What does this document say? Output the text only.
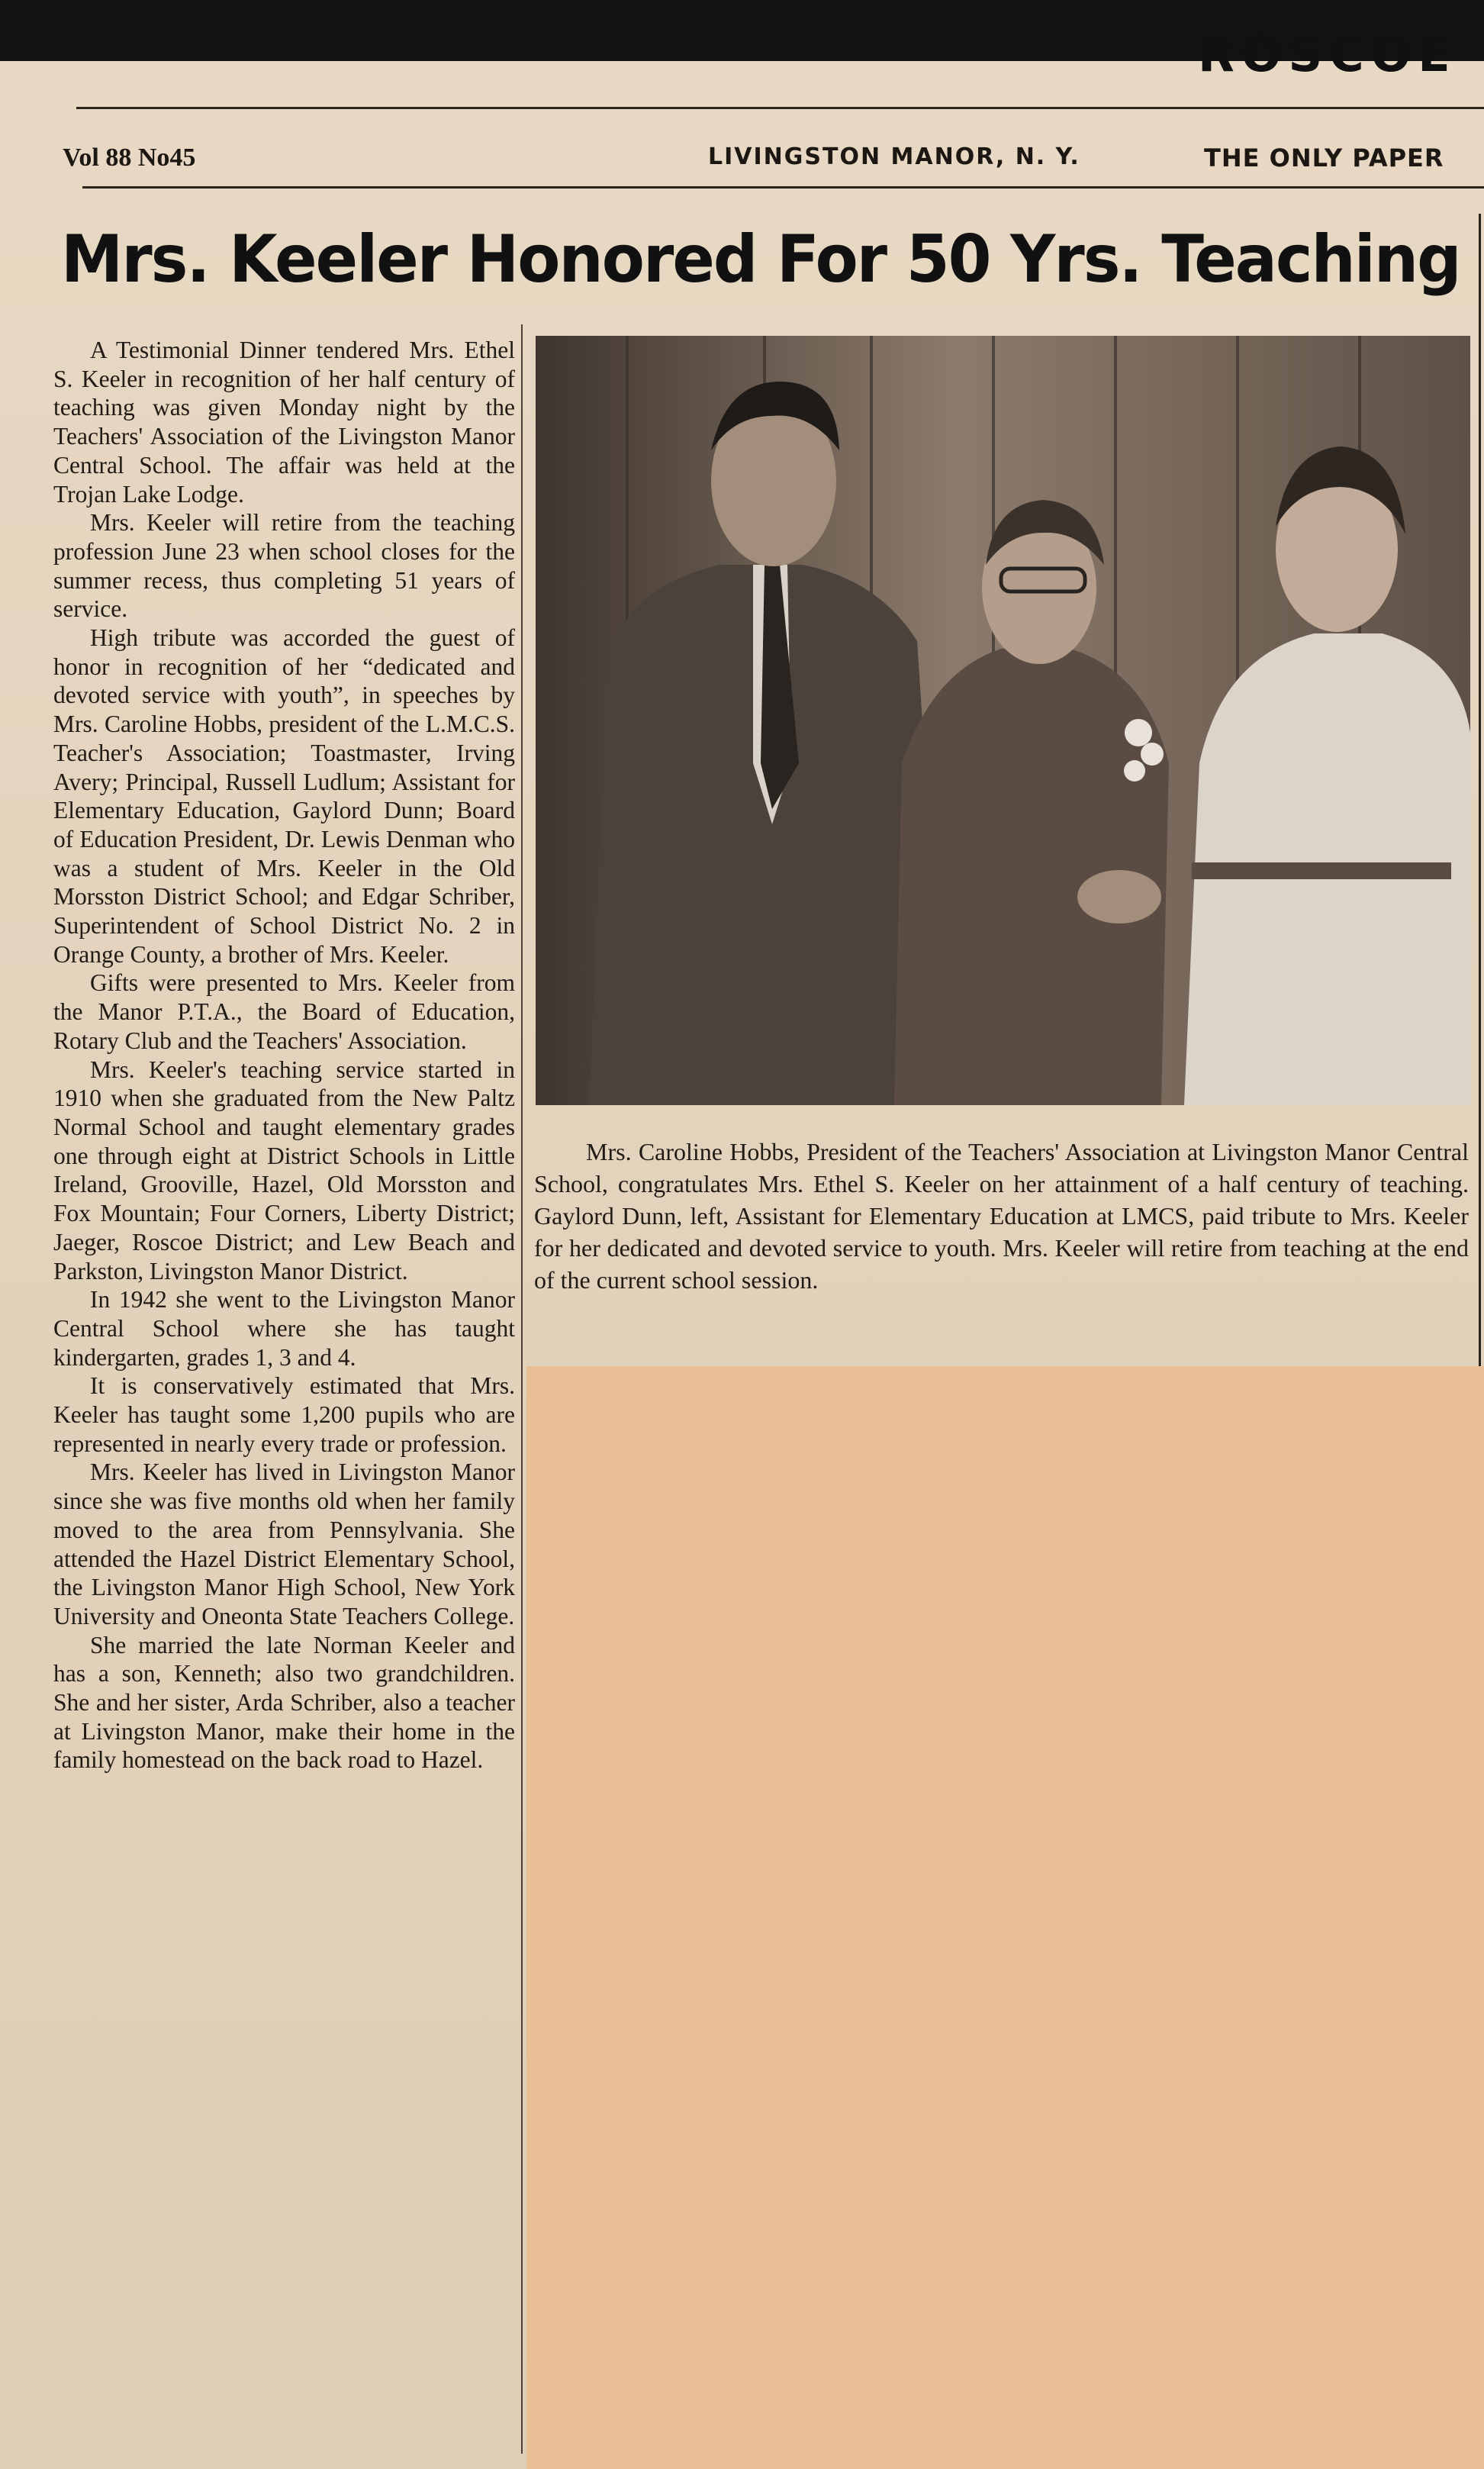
ROSCOE
Vol 88 No45	LIVINGSTON MANOR, N. Y.	THE ONLY PAPER
Mrs. Keeler Honored For 50 Yrs. Teaching

A Testimonial Dinner tendered Mrs. Ethel S. Keeler in recognition of her half century of teaching was given Monday night by the Teachers' Association of the Livingston Manor Central School. The affair was held at the Trojan Lake Lodge.

Mrs. Keeler will retire from the teaching profession June 23 when school closes for the summer recess, thus completing 51 years of service.

High tribute was accorded the guest of honor in recognition of her “dedicated and devoted service with youth”, in speeches by Mrs. Caroline Hobbs, president of the L.M.C.S. Teacher's Association; Toastmaster, Irving Avery; Principal, Russell Ludlum; Assistant for Elementary Education, Gaylord Dunn; Board of Education President, Dr. Lewis Denman who was a student of Mrs. Keeler in the Old Morsston District School; and Edgar Schriber, Superintendent of School District No. 2 in Orange County, a brother of Mrs. Keeler.

Gifts were presented to Mrs. Keeler from the Manor P.T.A., the Board of Education, Rotary Club and the Teachers' Association.

Mrs. Keeler's teaching service started in 1910 when she graduated from the New Paltz Normal School and taught elementary grades one through eight at District Schools in Little Ireland, Grooville, Hazel, Old Morsston and Fox Mountain; Four Corners, Liberty District; Jaeger, Roscoe District; and Lew Beach and Parkston, Livingston Manor District.

In 1942 she went to the Livingston Manor Central School where she has taught kindergarten, grades 1, 3 and 4.

It is conservatively estimated that Mrs. Keeler has taught some 1,200 pupils who are represented in nearly every trade or profession.

Mrs. Keeler has lived in Livingston Manor since she was five months old when her family moved to the area from Pennsylvania. She attended the Hazel District Elementary School, the Livingston Manor High School, New York University and Oneonta State Teachers College.

She married the late Norman Keeler and has a son, Kenneth; also two grandchildren. She and her sister, Arda Schriber, also a teacher at Livingston Manor, make their home in the family homestead on the back road to Hazel.

Mrs. Caroline Hobbs, President of the Teachers' Association at Livingston Manor Central School, congratulates Mrs. Ethel S. Keeler on her attainment of a half century of teaching. Gaylord Dunn, left, Assistant for Elementary Education at LMCS, paid tribute to Mrs. Keeler for her dedicated and devoted service to youth. Mrs. Keeler will retire from teaching at the end of the current school session.
